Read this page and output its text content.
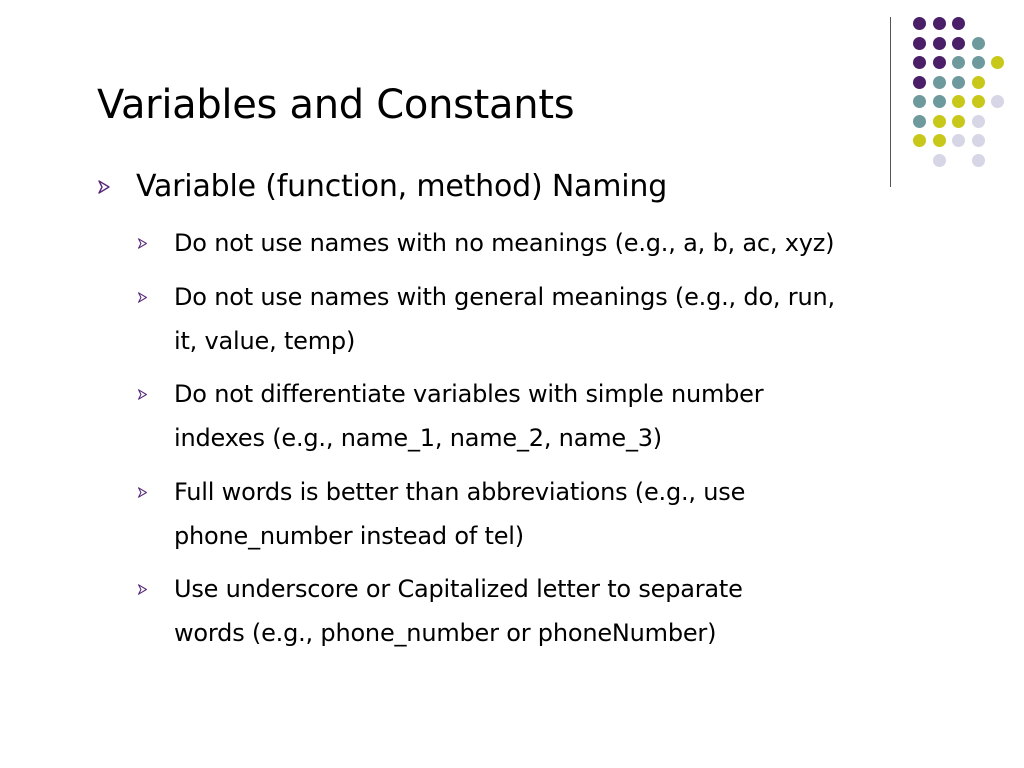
Variables and Constants
Variable (function, method) Naming
Do not use names with no meanings (e.g., a, b, ac, xyz)
Do not use names with general meanings (e.g., do, run,
it, value, temp)
Do not differentiate variables with simple number
indexes (e.g., name_1, name_2, name_3)
Full words is better than abbreviations (e.g., use
phone_number instead of tel)
Use underscore or Capitalized letter to separate
words (e.g., phone_number or phoneNumber)
